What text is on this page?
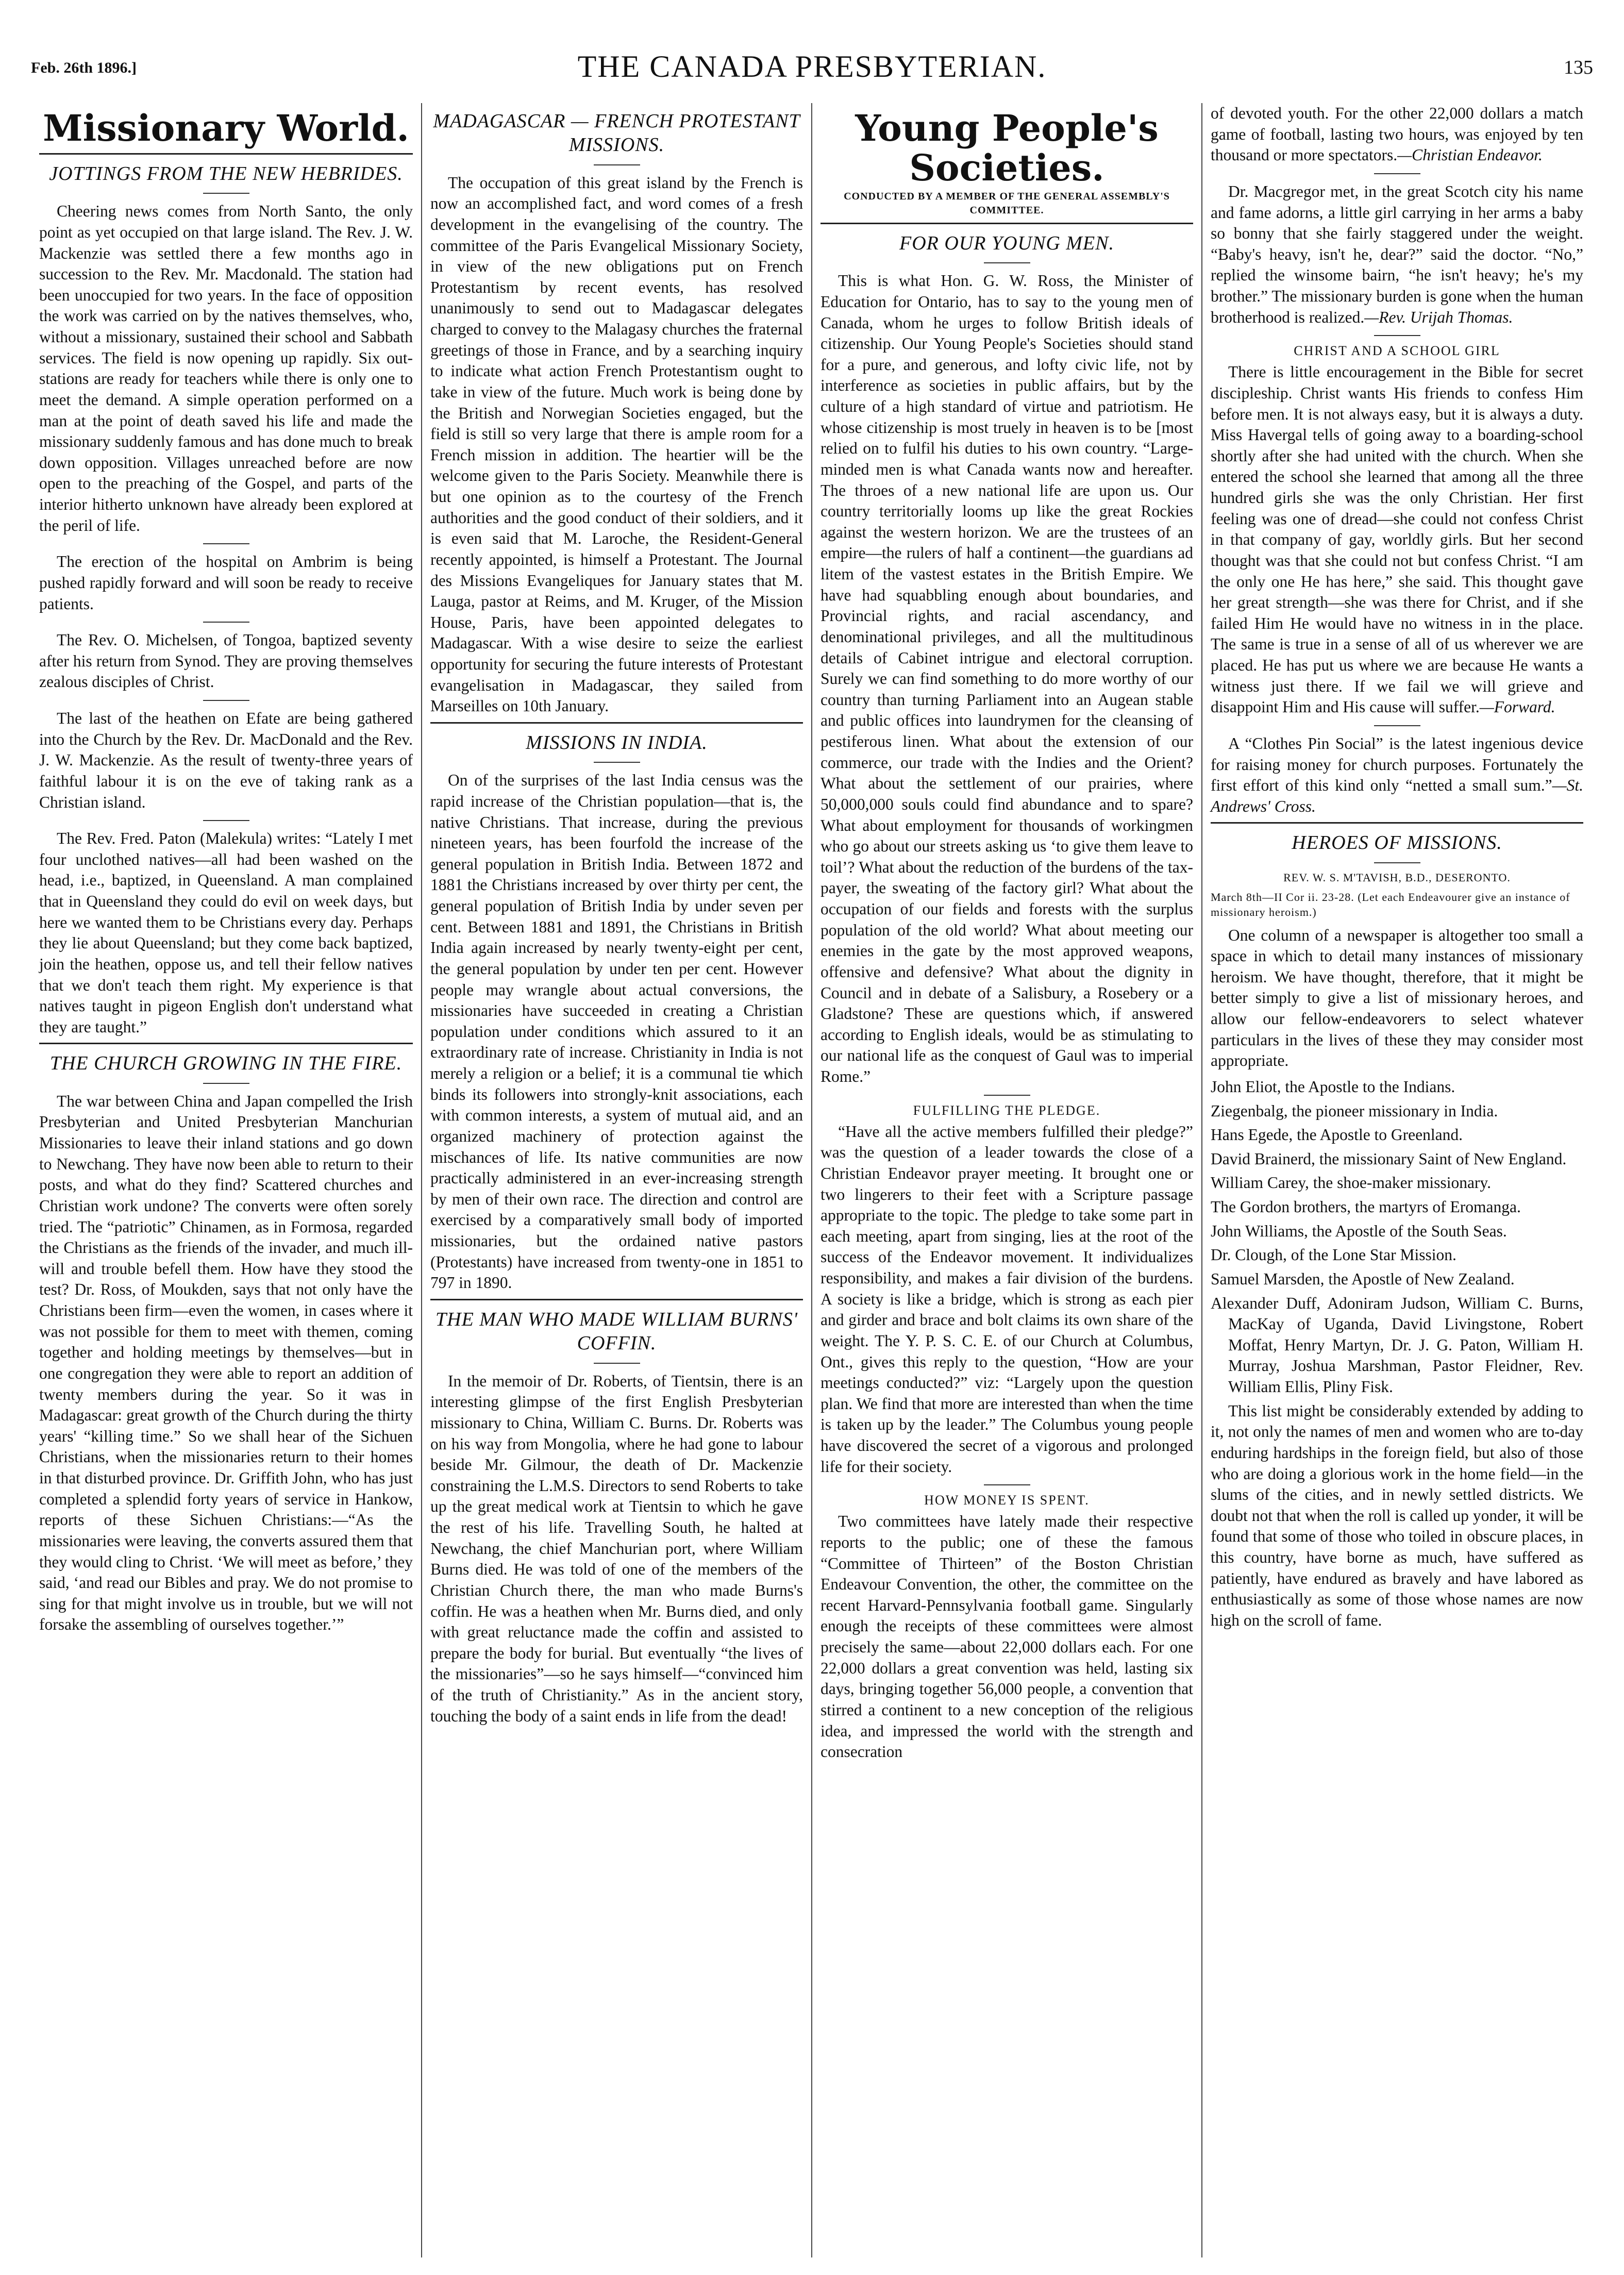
Feb. 26th 1896.]	THE CANADA PRESBYTERIAN.	135
Missionary World.
JOTTINGS FROM THE NEW HEBRIDES.

Cheering news comes from North Santo, the only point as yet occupied on that large island. The Rev. J. W. Mackenzie was settled there a few months ago in succession to the Rev. Mr. Macdonald. The station had been unoccupied for two years. In the face of opposition the work was carried on by the natives themselves, who, without a missionary, sustained their school and Sabbath services. The field is now opening up rapidly. Six out-stations are ready for teachers while there is only one to meet the demand. A simple operation performed on a man at the point of death saved his life and made the missionary suddenly famous and has done much to break down opposition. Villages unreached before are now open to the preaching of the Gospel, and parts of the interior hitherto unknown have already been explored at the peril of life.

The erection of the hospital on Ambrim is being pushed rapidly forward and will soon be ready to receive patients.

The Rev. O. Michelsen, of Tongoa, baptized seventy after his return from Synod. They are proving themselves zealous disciples of Christ.

The last of the heathen on Efate are being gathered into the Church by the Rev. Dr. MacDonald and the Rev. J. W. Mackenzie. As the result of twenty-three years of faithful labour it is on the eve of taking rank as a Christian island.

The Rev. Fred. Paton (Malekula) writes: “Lately I met four unclothed natives—all had been washed on the head, i.e., baptized, in Queensland. A man complained that in Queensland they could do evil on week days, but here we wanted them to be Christians every day. Perhaps they lie about Queensland; but they come back baptized, join the heathen, oppose us, and tell their fellow natives that we don't teach them right. My experience is that natives taught in pigeon English don't understand what they are taught.”

THE CHURCH GROWING IN THE FIRE.

The war between China and Japan compelled the Irish Presbyterian and United Presbyterian Manchurian Missionaries to leave their inland stations and go down to Newchang. They have now been able to return to their posts, and what do they find? Scattered churches and Christian work undone? The converts were often sorely tried. The “patriotic” Chinamen, as in Formosa, regarded the Christians as the friends of the invader, and much ill-will and trouble befell them. How have they stood the test? Dr. Ross, of Moukden, says that not only have the Christians been firm—even the women, in cases where it was not possible for them to meet with themen, coming together and holding meetings by themselves—but in one congregation they were able to report an addition of twenty members during the year. So it was in Madagascar: great growth of the Church during the thirty years' “killing time.” So we shall hear of the Sichuen Christians, when the missionaries return to their homes in that disturbed province. Dr. Griffith John, who has just completed a splendid forty years of service in Hankow, reports of these Sichuen Christians:—“As the missionaries were leaving, the converts assured them that they would cling to Christ. ‘We will meet as before,’ they said, ‘and read our Bibles and pray. We do not promise to sing for that might involve us in trouble, but we will not forsake the assembling of ourselves together.’”

MADAGASCAR — FRENCH PROTESTANT MISSIONS.

The occupation of this great island by the French is now an accomplished fact, and word comes of a fresh development in the evangelising of the country. The committee of the Paris Evangelical Missionary Society, in view of the new obligations put on French Protestantism by recent events, has resolved unanimously to send out to Madagascar delegates charged to convey to the Malagasy churches the fraternal greetings of those in France, and by a searching inquiry to indicate what action French Protestantism ought to take in view of the future. Much work is being done by the British and Norwegian Societies engaged, but the field is still so very large that there is ample room for a French mission in addition. The heartier will be the welcome given to the Paris Society. Meanwhile there is but one opinion as to the courtesy of the French authorities and the good conduct of their soldiers, and it is even said that M. Laroche, the Resident-General recently appointed, is himself a Protestant. The Journal des Missions Evangeliques for January states that M. Lauga, pastor at Reims, and M. Kruger, of the Mission House, Paris, have been appointed delegates to Madagascar. With a wise desire to seize the earliest opportunity for securing the future interests of Protestant evangelisation in Madagascar, they sailed from Marseilles on 10th January.

MISSIONS IN INDIA.

On of the surprises of the last India census was the rapid increase of the Christian population—that is, the native Christians. That increase, during the previous nineteen years, has been fourfold the increase of the general population in British India. Between 1872 and 1881 the Christians increased by over thirty per cent, the general population of British India by under seven per cent. Between 1881 and 1891, the Christians in British India again increased by nearly twenty-eight per cent, the general population by under ten per cent. However people may wrangle about actual conversions, the missionaries have succeeded in creating a Christian population under conditions which assured to it an extraordinary rate of increase. Christianity in India is not merely a religion or a belief; it is a communal tie which binds its followers into strongly-knit associations, each with common interests, a system of mutual aid, and an organized machinery of protection against the mischances of life. Its native communities are now practically administered in an ever-increasing strength by men of their own race. The direction and control are exercised by a comparatively small body of imported missionaries, but the ordained native pastors (Protestants) have increased from twenty-one in 1851 to 797 in 1890.

THE MAN WHO MADE WILLIAM BURNS' COFFIN.

In the memoir of Dr. Roberts, of Tientsin, there is an interesting glimpse of the first English Presbyterian missionary to China, William C. Burns. Dr. Roberts was on his way from Mongolia, where he had gone to labour beside Mr. Gilmour, the death of Dr. Mackenzie constraining the L.M.S. Directors to send Roberts to take up the great medical work at Tientsin to which he gave the rest of his life. Travelling South, he halted at Newchang, the chief Manchurian port, where William Burns died. He was told of one of the members of the Christian Church there, the man who made Burns's coffin. He was a heathen when Mr. Burns died, and only with great reluctance made the coffin and assisted to prepare the body for burial. But eventually “the lives of the missionaries”—so he says himself—“convinced him of the truth of Christianity.” As in the ancient story, touching the body of a saint ends in life from the dead!

Young People's Societies.
CONDUCTED BY A MEMBER OF THE GENERAL ASSEMBLY'S COMMITTEE.
FOR OUR YOUNG MEN.

This is what Hon. G. W. Ross, the Minister of Education for Ontario, has to say to the young men of Canada, whom he urges to follow British ideals of citizenship. Our Young People's Societies should stand for a pure, and generous, and lofty civic life, not by interference as societies in public affairs, but by the culture of a high standard of virtue and patriotism. He whose citizenship is most truely in heaven is to be [most relied on to fulfil his duties to his own country. “Large-minded men is what Canada wants now and hereafter. The throes of a new national life are upon us. Our country territorially looms up like the great Rockies against the western horizon. We are the trustees of an empire—the rulers of half a continent—the guardians ad litem of the vastest estates in the British Empire. We have had squabbling enough about boundaries, and Provincial rights, and racial ascendancy, and denominational privileges, and all the multitudinous details of Cabinet intrigue and electoral corruption. Surely we can find something to do more worthy of our country than turning Parliament into an Augean stable and public offices into laundrymen for the cleansing of pestiferous linen. What about the extension of our commerce, our trade with the Indies and the Orient? What about the settlement of our prairies, where 50,000,000 souls could find abundance and to spare? What about employment for thousands of workingmen who go about our streets asking us ‘to give them leave to toil’? What about the reduction of the burdens of the tax-payer, the sweating of the factory girl? What about the occupation of our fields and forests with the surplus population of the old world? What about meeting our enemies in the gate by the most approved weapons, offensive and defensive? What about the dignity in Council and in debate of a Salisbury, a Rosebery or a Gladstone? These are questions which, if answered according to English ideals, would be as stimulating to our national life as the conquest of Gaul was to imperial Rome.”

FULFILLING THE PLEDGE.

“Have all the active members fulfilled their pledge?” was the question of a leader towards the close of a Christian Endeavor prayer meeting. It brought one or two lingerers to their feet with a Scripture passage appropriate to the topic. The pledge to take some part in each meeting, apart from singing, lies at the root of the success of the Endeavor movement. It individualizes responsibility, and makes a fair division of the burdens. A society is like a bridge, which is strong as each pier and girder and brace and bolt claims its own share of the weight. The Y. P. S. C. E. of our Church at Columbus, Ont., gives this reply to the question, “How are your meetings conducted?” viz: “Largely upon the question plan. We find that more are interested than when the time is taken up by the leader.” The Columbus young people have discovered the secret of a vigorous and prolonged life for their society.

HOW MONEY IS SPENT.

Two committees have lately made their respective reports to the public; one of these the famous “Committee of Thirteen” of the Boston Christian Endeavour Convention, the other, the committee on the recent Harvard-Pennsylvania football game. Singularly enough the receipts of these committees were almost precisely the same—about 22,000 dollars each. For one 22,000 dollars a great convention was held, lasting six days, bringing together 56,000 people, a convention that stirred a continent to a new conception of the religious idea, and impressed the world with the strength and consecration

of devoted youth. For the other 22,000 dollars a match game of football, lasting two hours, was enjoyed by ten thousand or more spectators.—Christian Endeavor.

Dr. Macgregor met, in the great Scotch city his name and fame adorns, a little girl carrying in her arms a baby so bonny that she fairly staggered under the weight. “Baby's heavy, isn't he, dear?” said the doctor. “No,” replied the winsome bairn, “he isn't heavy; he's my brother.” The missionary burden is gone when the human brotherhood is realized.—Rev. Urijah Thomas.

CHRIST AND A SCHOOL GIRL

There is little encouragement in the Bible for secret discipleship. Christ wants His friends to confess Him before men. It is not always easy, but it is always a duty. Miss Havergal tells of going away to a boarding-school shortly after she had united with the church. When she entered the school she learned that among all the three hundred girls she was the only Christian. Her first feeling was one of dread—she could not confess Christ in that company of gay, worldly girls. But her second thought was that she could not but confess Christ. “I am the only one He has here,” she said. This thought gave her great strength—she was there for Christ, and if she failed Him He would have no witness in in the place. The same is true in a sense of all of us wherever we are placed. He has put us where we are because He wants a witness just there. If we fail we will grieve and disappoint Him and His cause will suffer.—Forward.

A “Clothes Pin Social” is the latest ingenious device for raising money for church purposes. Fortunately the first effort of this kind only “netted a small sum.”—St. Andrews' Cross.

HEROES OF MISSIONS.
REV. W. S. M'TAVISH, B.D., DESERONTO.
March 8th—II Cor ii. 23-28. (Let each Endeavourer give an instance of missionary heroism.)

One column of a newspaper is altogether too small a space in which to detail many instances of missionary heroism. We have thought, therefore, that it might be better simply to give a list of missionary heroes, and allow our fellow-endeavorers to select whatever particulars in the lives of these they may consider most appropriate.

John Eliot, the Apostle to the Indians.

Ziegenbalg, the pioneer missionary in India.

Hans Egede, the Apostle to Greenland.

David Brainerd, the missionary Saint of New England.

William Carey, the shoe-maker missionary.

The Gordon brothers, the martyrs of Eromanga.

John Williams, the Apostle of the South Seas.

Dr. Clough, of the Lone Star Mission.

Samuel Marsden, the Apostle of New Zealand.

Alexander Duff, Adoniram Judson, William C. Burns, MacKay of Uganda, David Livingstone, Robert Moffat, Henry Martyn, Dr. J. G. Paton, William H. Murray, Joshua Marshman, Pastor Fleidner, Rev. William Ellis, Pliny Fisk.

This list might be considerably extended by adding to it, not only the names of men and women who are to-day enduring hardships in the foreign field, but also of those who are doing a glorious work in the home field—in the slums of the cities, and in newly settled districts. We doubt not that when the roll is called up yonder, it will be found that some of those who toiled in obscure places, in this country, have borne as much, have suffered as patiently, have endured as bravely and have labored as enthusiastically as some of those whose names are now high on the scroll of fame.
